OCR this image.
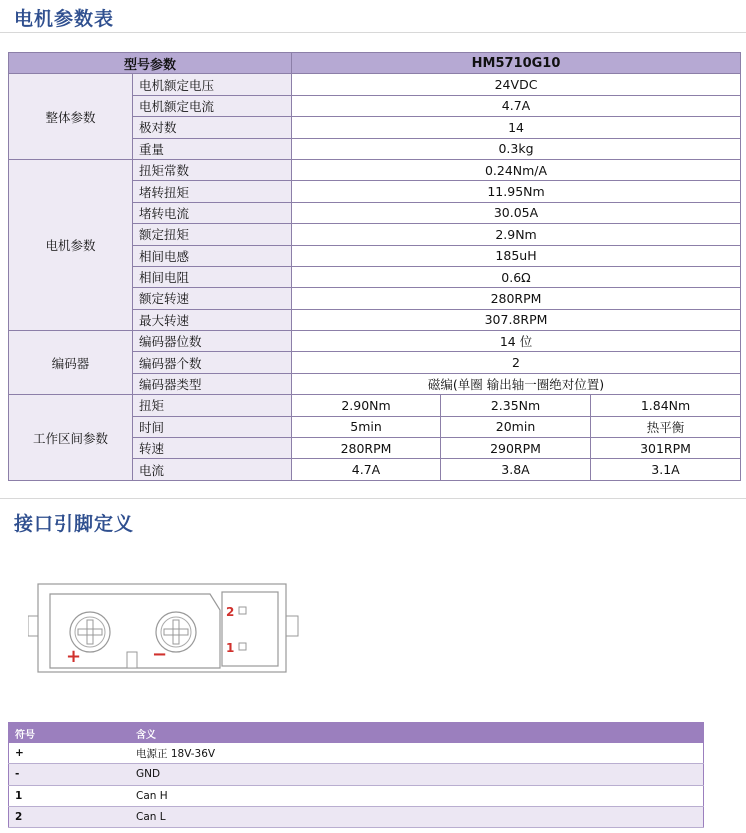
电机参数表
型号参数		HM5710G10		
整体参数	电机额定电压	24VDC		
	电机额定电流	4.7A		
	极对数	14		
	重量	0.3kg		
电机参数	扭矩常数	0.24Nm/A		
	堵转扭矩	11.95Nm		
	堵转电流	30.05A		
	额定扭矩	2.9Nm		
	相间电感	185uH		
	相间电阻	0.6Ω		
	额定转速	280RPM		
	最大转速	307.8RPM		
编码器	编码器位数	14 位		
	编码器个数	2		
	编码器类型	磁编(单圈 输出轴一圈绝对位置)		
工作区间参数	扭矩	2.90Nm	2.35Nm	1.84Nm
	时间	5min	20min	热平衡
	转速	280RPM	290RPM	301RPM
	电流	4.7A	3.8A	3.1A
接口引脚定义
+	−
2
1
符号	含义
+	电源正 18V-36V
-	GND
1	Can H
2	Can L
